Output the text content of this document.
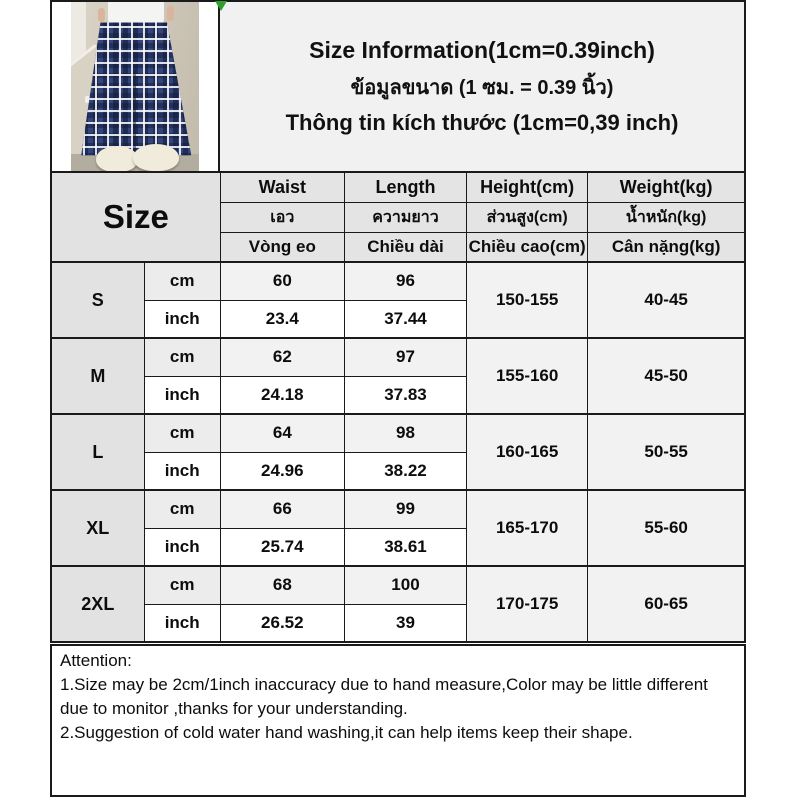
Size Information(1cm=0.39inch)
ข้อมูลขนาด (1 ซม. = 0.39 นิ้ว)
Thông tin kích thước (1cm=0,39 inch)
Size		Waist	Length	Height(cm)	Weight(kg)
		เอว	ความยาว	ส่วนสูง(cm)	น้ำหนัก(kg)
		Vòng eo	Chiều dài	Chiều cao(cm)	Cân nặng(kg)
S	cm	60	96	150-155	40-45
	inch	23.4	37.44		
M	cm	62	97	155-160	45-50
	inch	24.18	37.83		
L	cm	64	98	160-165	50-55
	inch	24.96	38.22		
XL	cm	66	99	165-170	55-60
	inch	25.74	38.61		
2XL	cm	68	100	170-175	60-65
	inch	26.52	39		
Attention:
1.Size may be 2cm/1inch inaccuracy due to hand measure,Color may be little different due to monitor ,thanks for your understanding.
2.Suggestion of cold water hand washing,it can help items keep their shape.
